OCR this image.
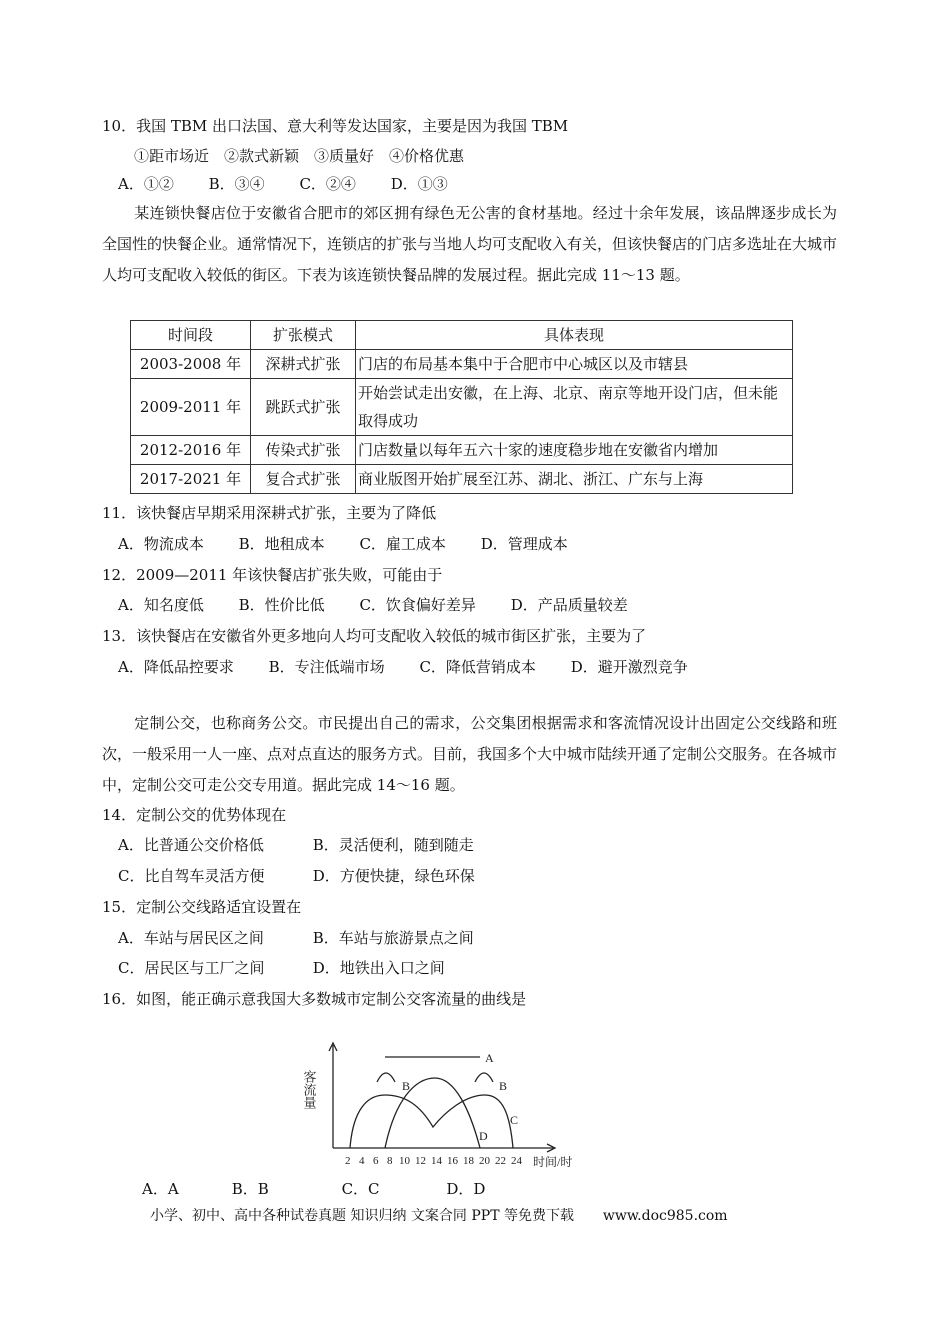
10．我国 TBM 出口法国、意大利等发达国家，主要是因为我国 TBM
①距市场近　②款式新颖　③质量好　④价格优惠
A．①② B．③④ C．②④ D．①③
某连锁快餐店位于安徽省合肥市的郊区拥有绿色无公害的食材基地。经过十余年发展，该品牌逐步成长为全国性的快餐企业。通常情况下，连锁店的扩张与当地人均可支配收入有关，但该快餐店的门店多选址在大城市人均可支配收入较低的街区。下表为该连锁快餐品牌的发展过程。据此完成 11～13 题。
时间段	扩张模式	具体表现
2003-2008 年	深耕式扩张	门店的布局基本集中于合肥市中心城区以及市辖县
2009-2011 年	跳跃式扩张	开始尝试走出安徽，在上海、北京、南京等地开设门店，但未能取得成功
2012-2016 年	传染式扩张	门店数量以每年五六十家的速度稳步地在安徽省内增加
2017-2021 年	复合式扩张	商业版图开始扩展至江苏、湖北、浙江、广东与上海
11．该快餐店早期采用深耕式扩张，主要为了降低
A．物流成本 B．地租成本 C．雇工成本 D．管理成本
12．2009—2011 年该快餐店扩张失败，可能由于
A．知名度低 B．性价比低 C．饮食偏好差异 D．产品质量较差
13．该快餐店在安徽省外更多地向人均可支配收入较低的城市街区扩张，主要为了
A．降低品控要求 B．专注低端市场 C．降低营销成本 D．避开激烈竞争
定制公交，也称商务公交。市民提出自己的需求，公交集团根据需求和客流情况设计出固定公交线路和班次，一般采用一人一座、点对点直达的服务方式。目前，我国多个大中城市陆续开通了定制公交服务。在各城市中，定制公交可走公交专用道。据此完成 14～16 题。
14．定制公交的优势体现在
A．比普通公交价格低	B．灵活便利，随到随走
C．比自驾车灵活方便	D．方便快捷，绿色环保
15．定制公交线路适宜设置在
A．车站与居民区之间	B．车站与旅游景点之间
C．居民区与工厂之间	D．地铁出入口之间
16．如图，能正确示意我国大多数城市定制公交客流量的曲线是
客流量
A
B	B
C
D
2 4 6 8 10 12 14 16 18 20 22 24 时间/时
A．A	B．B	C．C	D．D
小学、初中、高中各种试卷真题 知识归纳 文案合同 PPT 等免费下载 www.doc985.com
